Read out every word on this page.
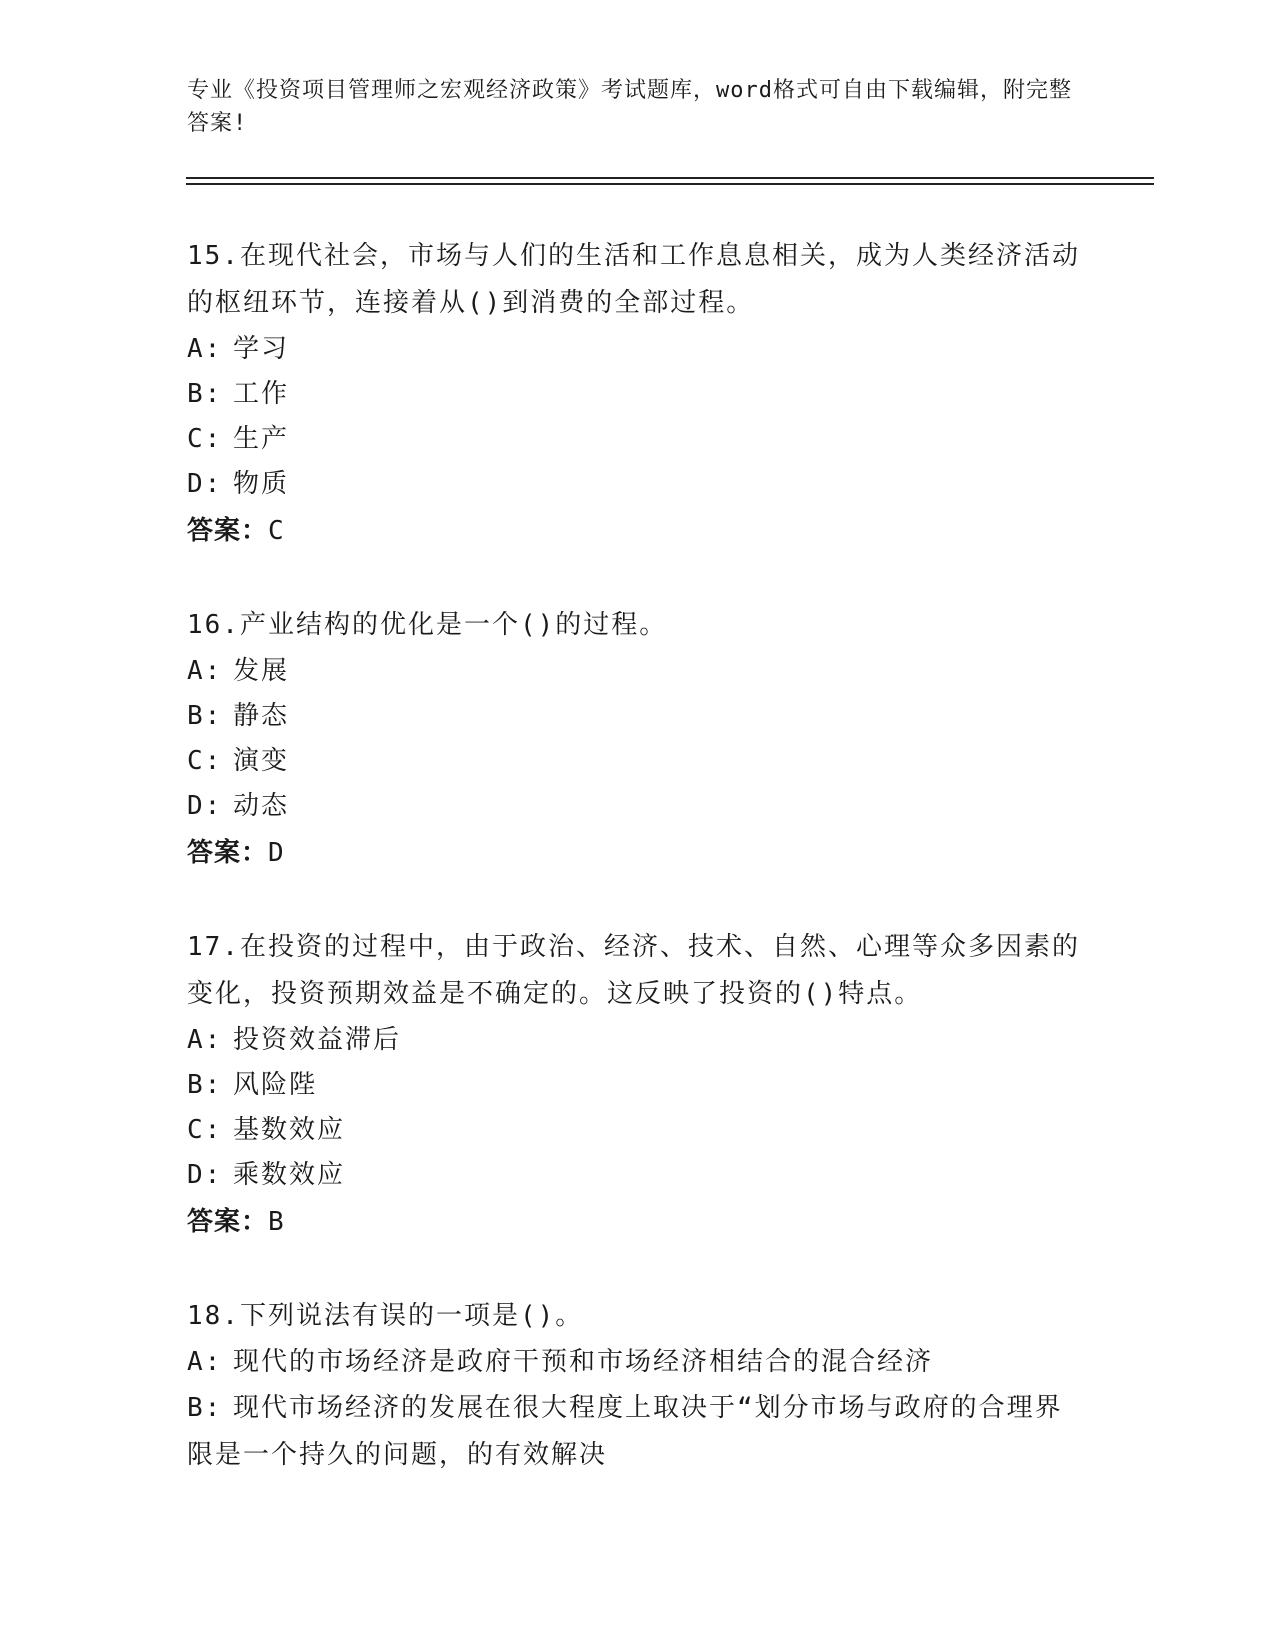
专业《投资项目管理师之宏观经济政策》考试题库，word格式可自由下载编辑，附完整答案!
15.在现代社会，市场与人们的生活和工作息息相关，成为人类经济活动的枢纽环节，连接着从()到消费的全部过程。
A: 学习
B: 工作
C: 生产
D: 物质
答案：C
16.产业结构的优化是一个()的过程。
A: 发展
B: 静态
C: 演变
D: 动态
答案：D
17.在投资的过程中，由于政治、经济、技术、自然、心理等众多因素的变化，投资预期效益是不确定的。这反映了投资的()特点。
A: 投资效益滞后
B: 风险陛
C: 基数效应
D: 乘数效应
答案：B
18.下列说法有误的一项是()。
A: 现代的市场经济是政府干预和市场经济相结合的混合经济
B: 现代市场经济的发展在很大程度上取决于“划分市场与政府的合理界限是一个持久的问题，的有效解决
